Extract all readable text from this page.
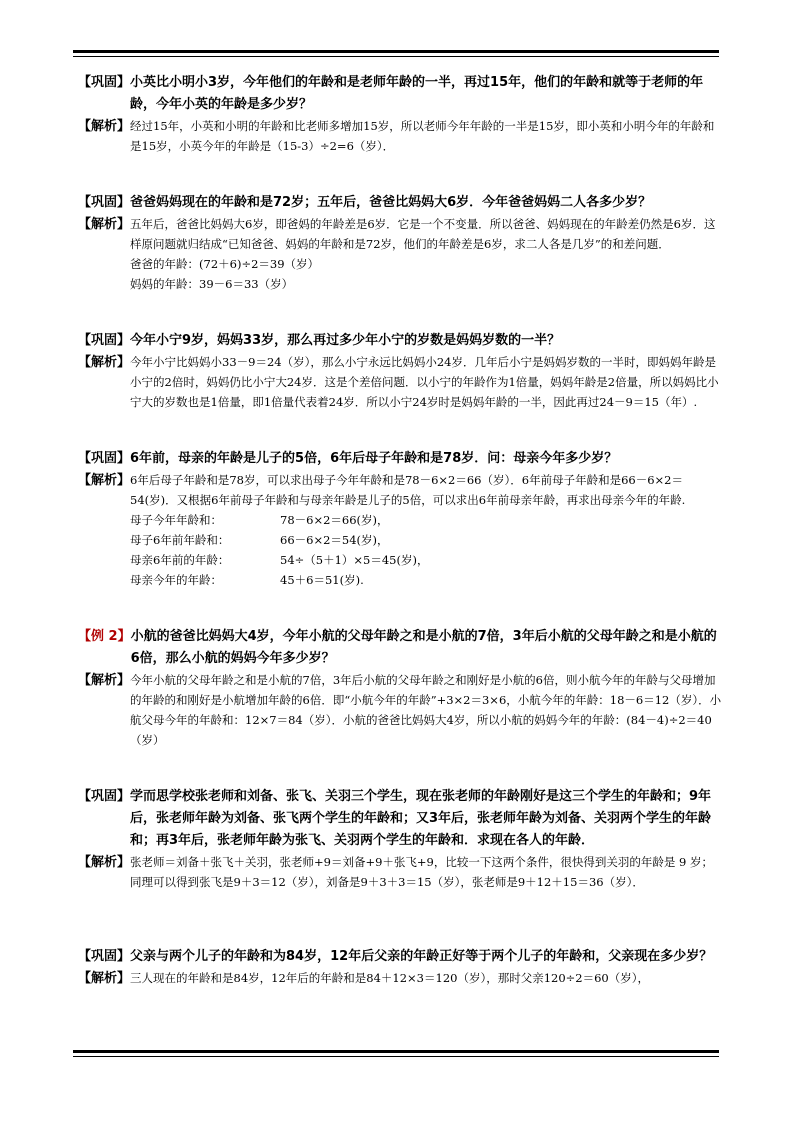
【巩固】 小英比小明小3岁，今年他们的年龄和是老师年龄的一半，再过15年，他们的年龄和就等于老师的年龄，今年小英的年龄是多少岁？
【解析】 经过15年，小英和小明的年龄和比老师多增加15岁，所以老师今年年龄的一半是15岁，即小英和小明今年的年龄和是15岁，小英今年的年龄是（15-3）÷2=6（岁）．
【巩固】 爸爸妈妈现在的年龄和是72岁；五年后，爸爸比妈妈大6岁．今年爸爸妈妈二人各多少岁？
【解析】 五年后，爸爸比妈妈大6岁，即爸妈的年龄差是6岁．它是一个不变量．所以爸爸、妈妈现在的年龄差仍然是6岁．这样原问题就归结成“已知爸爸、妈妈的年龄和是72岁，他们的年龄差是6岁，求二人各是几岁”的和差问题．
爸爸的年龄：(72＋6)÷2＝39（岁）
妈妈的年龄：39－6＝33（岁）
【巩固】 今年小宁9岁，妈妈33岁，那么再过多少年小宁的岁数是妈妈岁数的一半？
【解析】 今年小宁比妈妈小33－9＝24（岁），那么小宁永远比妈妈小24岁．几年后小宁是妈妈岁数的一半时，即妈妈年龄是小宁的2倍时，妈妈仍比小宁大24岁．这是个差倍问题．以小宁的年龄作为1倍量，妈妈年龄是2倍量，所以妈妈比小宁大的岁数也是1倍量，即1倍量代表着24岁．所以小宁24岁时是妈妈年龄的一半，因此再过24－9＝15（年）.
【巩固】 6年前，母亲的年龄是儿子的5倍，6年后母子年龄和是78岁．问：母亲今年多少岁？
【解析】 6年后母子年龄和是78岁，可以求出母子今年年龄和是78－6×2＝66（岁）．6年前母子年龄和是66－6×2＝54(岁)．又根据6年前母子年龄和与母亲年龄是儿子的5倍，可以求出6年前母亲年龄，再求出母亲今年的年龄.
母子今年年龄和：	78－6×2＝66(岁)，
母子6年前年龄和：	66－6×2＝54(岁)，
母亲6年前的年龄：	54÷（5＋1）×5＝45(岁)，
母亲今年的年龄：	45＋6＝51(岁).
【例 2】 小航的爸爸比妈妈大4岁，今年小航的父母年龄之和是小航的7倍，3年后小航的父母年龄之和是小航的6倍，那么小航的妈妈今年多少岁？
【解析】 今年小航的父母年龄之和是小航的7倍，3年后小航的父母年龄之和刚好是小航的6倍，则小航今年的年龄与父母增加的年龄的和刚好是小航增加年龄的6倍．即“小航今年的年龄”+3×2＝3×6，小航今年的年龄：18－6＝12（岁）．小航父母今年的年龄和：12×7＝84（岁）．小航的爸爸比妈妈大4岁，所以小航的妈妈今年的年龄：(84－4)÷2＝40（岁）
【巩固】 学而思学校张老师和刘备、张飞、关羽三个学生，现在张老师的年龄刚好是这三个学生的年龄和；9年后，张老师年龄为刘备、张飞两个学生的年龄和；又3年后，张老师年龄为刘备、关羽两个学生的年龄和；再3年后，张老师年龄为张飞、关羽两个学生的年龄和．求现在各人的年龄．
【解析】 张老师＝刘备＋张飞＋关羽，张老师+9＝刘备+9＋张飞+9，比较一下这两个条件，很快得到关羽的年龄是 9 岁；同理可以得到张飞是9＋3＝12（岁），刘备是9＋3＋3＝15（岁），张老师是9＋12＋15＝36（岁）．
【巩固】 父亲与两个儿子的年龄和为84岁，12年后父亲的年龄正好等于两个儿子的年龄和，父亲现在多少岁？
【解析】 三人现在的年龄和是84岁，12年后的年龄和是84＋12×3＝120（岁），那时父亲120÷2＝60（岁），
